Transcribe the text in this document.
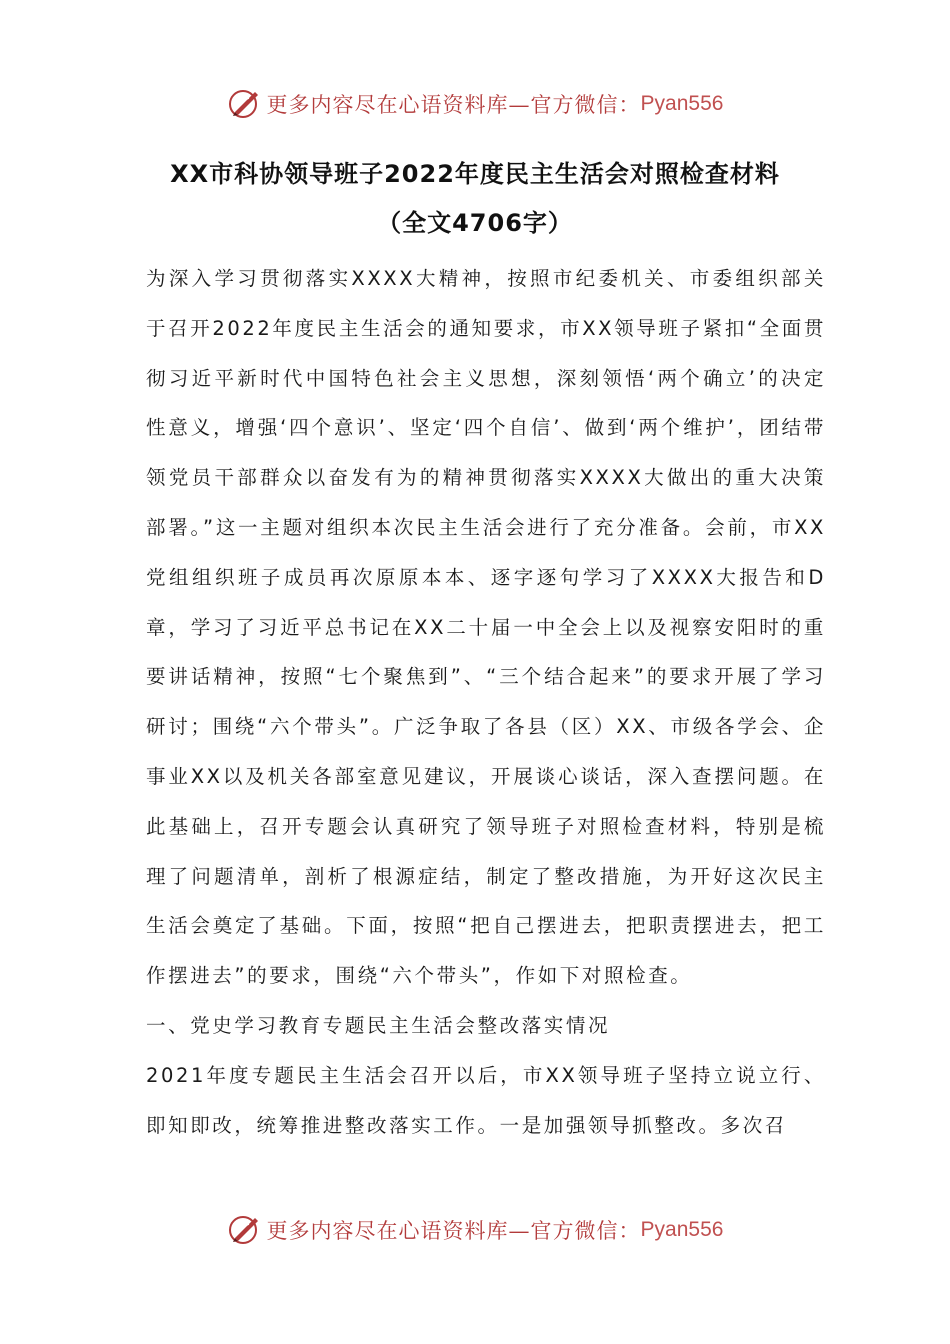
更多内容尽在心语资料库—官方微信： Pyan556
XX市科协领导班子2022年度民主生活会对照检查材料
（全文4706字）

为深入学习贯彻落实XXXX大精神，按照市纪委机关、市委组织部关于召开2022年度民主生活会的通知要求，市XX领导班子紧扣“全面贯彻习近平新时代中国特色社会主义思想，深刻领悟‘两个确立’的决定性意义，增强‘四个意识’、坚定‘四个自信’、做到‘两个维护’，团结带领党员干部群众以奋发有为的精神贯彻落实XXXX大做出的重大决策部署。”这一主题对组织本次民主生活会进行了充分准备。会前，市XX党组组织班子成员再次原原本本、逐字逐句学习了XXXX大报告和D章，学习了习近平总书记在XX二十届一中全会上以及视察安阳时的重要讲话精神，按照“七个聚焦到”、“三个结合起来”的要求开展了学习研讨；围绕“六个带头”。广泛争取了各县（区）XX、市级各学会、企事业XX以及机关各部室意见建议，开展谈心谈话，深入查摆问题。在此基础上，召开专题会认真研究了领导班子对照检查材料，特别是梳理了问题清单，剖析了根源症结，制定了整改措施，为开好这次民主生活会奠定了基础。下面，按照“把自己摆进去，把职责摆进去，把工作摆进去”的要求，围绕“六个带头”，作如下对照检查。

一、党史学习教育专题民主生活会整改落实情况

2021年度专题民主生活会召开以后，市XX领导班子坚持立说立行、即知即改，统筹推进整改落实工作。一是加强领导抓整改。多次召

更多内容尽在心语资料库—官方微信： Pyan556
